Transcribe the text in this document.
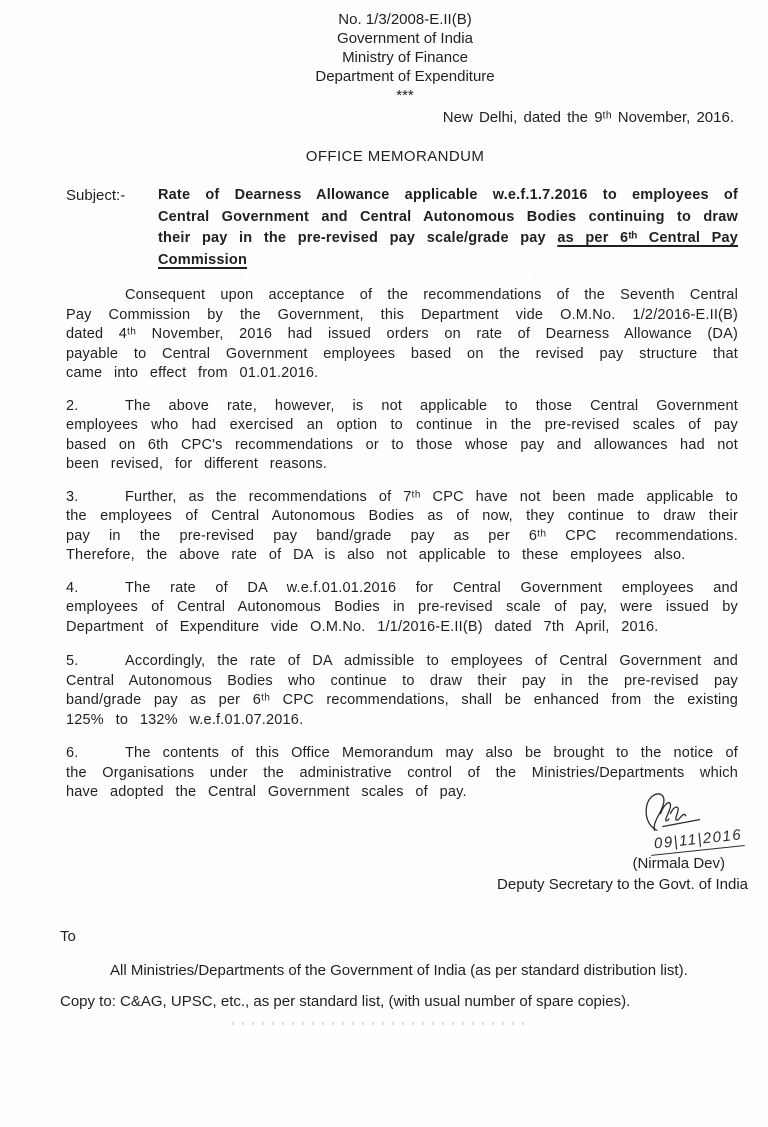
No. 1/3/2008-E.II(B)
Government of India
Ministry of Finance
Department of Expenditure
***
New Delhi, dated the 9ᵗʰ November, 2016.
OFFICE MEMORANDUM
Subject:-	Rate of Dearness Allowance applicable w.e.f.1.7.2016 to employees of Central Government and Central Autonomous Bodies continuing to draw their pay in the pre-revised pay scale/grade pay as per 6ᵗʰ Central Pay Commission

Consequent upon acceptance of the recommendations of the Seventh Central Pay Commission by the Government, this Department vide O.M.No. 1/2/2016-E.II(B) dated 4ᵗʰ November, 2016 had issued orders on rate of Dearness Allowance (DA) payable to Central Government employees based on the revised pay structure that came into effect from 01.01.2016.

2.	The above rate, however, is not applicable to those Central Government employees who had exercised an option to continue in the pre-revised scales of pay based on 6th CPC's recommendations or to those whose pay and allowances had not been revised, for different reasons.

3.	Further, as the recommendations of 7ᵗʰ CPC have not been made applicable to the employees of Central Autonomous Bodies as of now, they continue to draw their pay in the pre-revised pay band/grade pay as per 6ᵗʰ CPC recommendations. Therefore, the above rate of DA is also not applicable to these employees also.

4.	The rate of DA w.e.f.01.01.2016 for Central Government employees and employees of Central Autonomous Bodies in pre-revised scale of pay, were issued by Department of Expenditure vide O.M.No. 1/1/2016-E.II(B) dated 7th April, 2016.

5.	Accordingly, the rate of DA admissible to employees of Central Government and Central Autonomous Bodies who continue to draw their pay in the pre-revised pay band/grade pay as per 6ᵗʰ CPC recommendations, shall be enhanced from the existing 125% to 132% w.e.f.01.07.2016.

6.	The contents of this Office Memorandum may also be brought to the notice of the Organisations under the administrative control of the Ministries/Departments which have adopted the Central Government scales of pay.

09|11|2016
(Nirmala Dev)
Deputy Secretary to the Govt. of India
To
All Ministries/Departments of the Government of India (as per standard distribution list).
Copy to: C&AG, UPSC, etc., as per standard list, (with usual number of spare copies).
